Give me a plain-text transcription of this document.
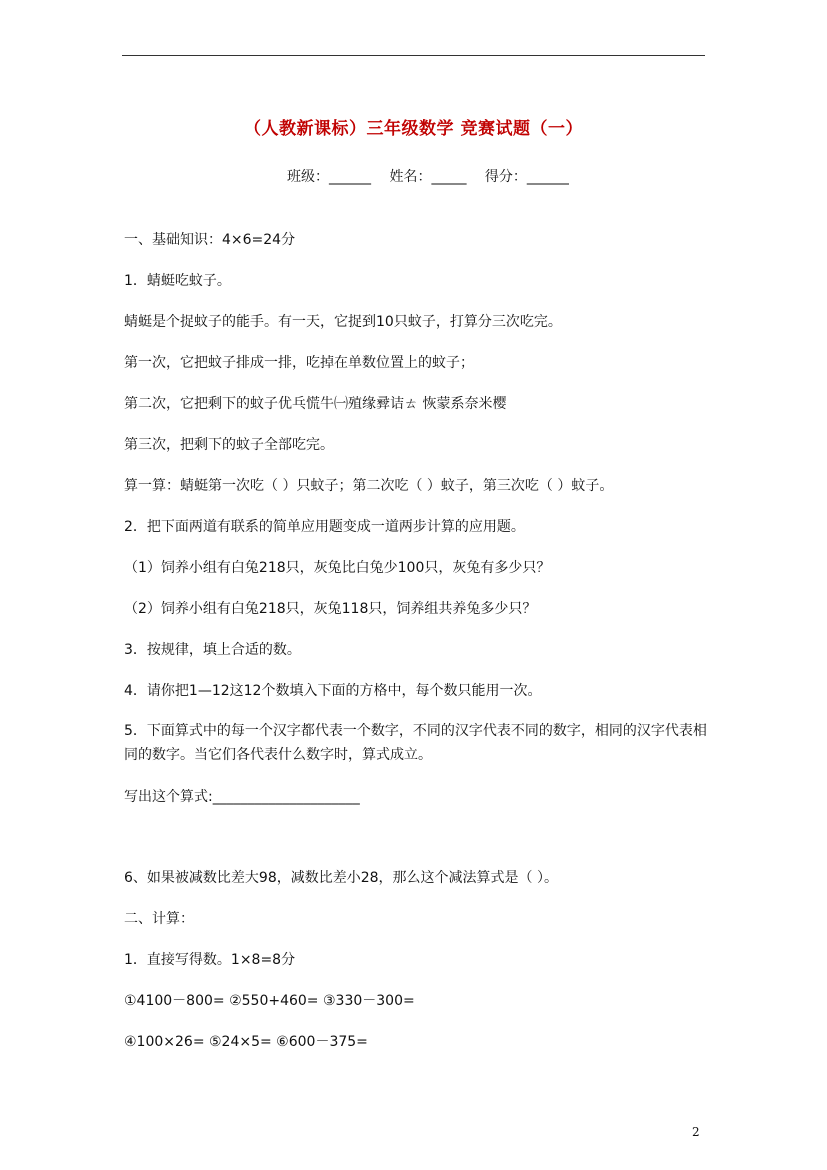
（人教新课标）三年级数学 竞赛试题（一）
班级：______ 姓名：_____ 得分：______
一、基础知识：4×6=24分
1．蜻蜓吃蚊子。
蜻蜓是个捉蚊子的能手。有一天，它捉到10只蚊子，打算分三次吃完。
第一次，它把蚊子排成一排，吃掉在单数位置上的蚊子；
第二次，它把剩下的蚊子优乓慌牛㈠殖缘彛诘ㄊ 恢蒙系奈米樱
第三次，把剩下的蚊子全部吃完。
算一算：蜻蜓第一次吃（ ）只蚊子；第二次吃（ ）蚊子，第三次吃（ ）蚊子。
2．把下面两道有联系的简单应用题变成一道两步计算的应用题。
（1）饲养小组有白兔218只，灰兔比白兔少100只，灰兔有多少只？
（2）饲养小组有白兔218只，灰兔118只，饲养组共养兔多少只？
3．按规律，填上合适的数。
4．请你把1—12这12个数填入下面的方格中，每个数只能用一次。
5．下面算式中的每一个汉字都代表一个数字，不同的汉字代表不同的数字，相同的汉字代表相同的数字。当它们各代表什么数字时，算式成立。
写出这个算式:_____________________
6、如果被减数比差大98，减数比差小28，那么这个减法算式是（ ）。
二、计算：
1．直接写得数。1×8=8分
①4100－800= ②550+460= ③330－300=
④100×26= ⑤24×5= ⑥600－375=
2
